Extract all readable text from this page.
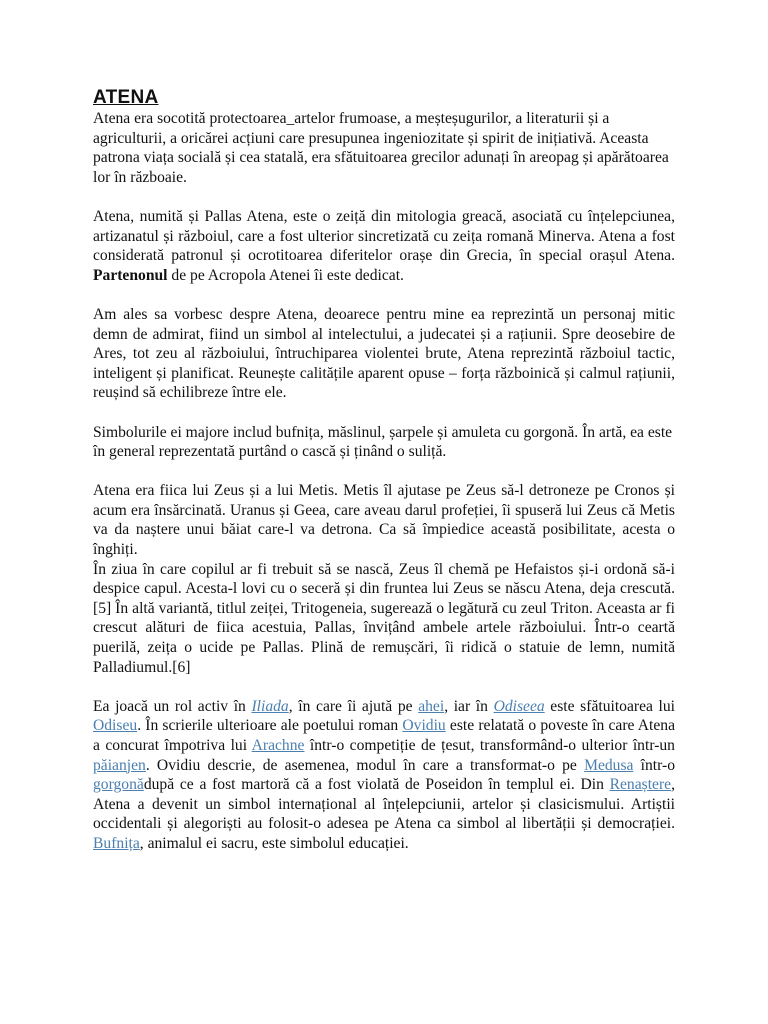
ATENA

Atena era socotită protectoarea_artelor frumoase, a meșteșugurilor, a literaturii și a agriculturii, a oricărei acțiuni care presupunea ingeniozitate și spirit de inițiativă. Aceasta patrona viața socială și cea statală, era sfătuitoarea grecilor adunați în areopag și apărătoarea lor în războaie.

Atena, numită și Pallas Atena, este o zeiță din mitologia greacă, asociată cu înțelepciunea, artizanatul și războiul, care a fost ulterior sincretizată cu zeița romană Minerva. Atena a fost considerată patronul și ocrotitoarea diferitelor orașe din Grecia, în special orașul Atena. Partenonul de pe Acropola Atenei îi este dedicat.

Am ales sa vorbesc despre Atena, deoarece pentru mine ea reprezintă un personaj mitic demn de admirat, fiind un simbol al intelectului, a judecatei și a rațiunii. Spre deosebire de Ares, tot zeu al războiului, întruchiparea violentei brute, Atena reprezintă războiul tactic, inteligent și planificat. Reunește calitățile aparent opuse – forța războinică și calmul rațiunii, reușind să echilibreze între ele.

Simbolurile ei majore includ bufnița, măslinul, șarpele și amuleta cu gorgonă. În artă, ea este în general reprezentată purtând o cască și ținând o suliță.

Atena era fiica lui Zeus și a lui Metis. Metis îl ajutase pe Zeus să-l detroneze pe Cronos și acum era însărcinată. Uranus și Geea, care aveau darul profeției, îi spuseră lui Zeus că Metis va da naștere unui băiat care-l va detrona. Ca să împiedice această posibilitate, acesta o înghiți.

În ziua în care copilul ar fi trebuit să se nască, Zeus îl chemă pe Hefaistos și-i ordonă să-i despice capul. Acesta-l lovi cu o seceră și din fruntea lui Zeus se născu Atena, deja crescută.[5] În altă variantă, titlul zeiței, Tritogeneia, sugerează o legătură cu zeul Triton. Aceasta ar fi crescut alături de fiica acestuia, Pallas, învițând ambele artele războiului. Într-o ceartă puerilă, zeița o ucide pe Pallas. Plină de remușcări, îi ridică o statuie de lemn, numită Palladiumul.[6]

Ea joacă un rol activ în Iliada, în care îi ajută pe ahei, iar în Odiseea este sfătuitoarea lui Odiseu. În scrierile ulterioare ale poetului roman Ovidiu este relatată o poveste în care Atena a concurat împotriva lui Arachne într-o competiție de țesut, transformând-o ulterior într-un păianjen. Ovidiu descrie, de asemenea, modul în care a transformat-o pe Medusa într-o gorgonădupă ce a fost martoră că a fost violată de Poseidon în templul ei. Din Renaștere, Atena a devenit un simbol internațional al înțelepciunii, artelor și clasicismului. Artiștii occidentali și alegoriști au folosit-o adesea pe Atena ca simbol al libertății și democrației. Bufnița, animalul ei sacru, este simbolul educației.
